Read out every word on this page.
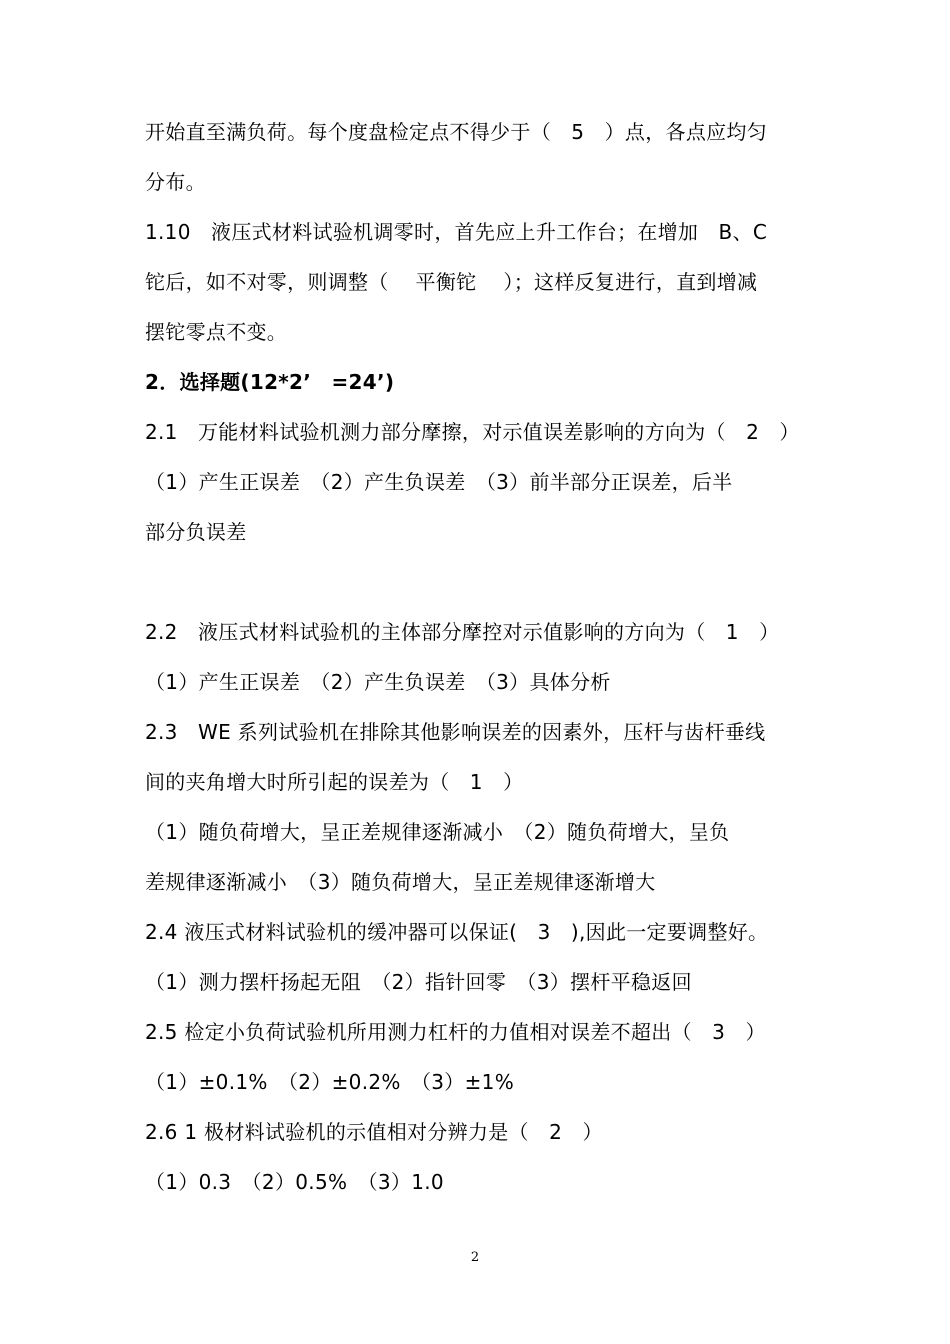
开始直至满负荷。每个度盘检定点不得少于（　5　）点，各点应均匀
分布。
1.10　液压式材料试验机调零时，首先应上升工作台；在增加　B、C
铊后，如不对零，则调整（　 平衡铊　 ）；这样反复进行，直到增减
摆铊零点不变。
2．选择题(12*2’　=24’)
2.1　万能材料试验机测力部分摩擦，对示值误差影响的方向为（　2　）
（1）产生正误差　（2）产生负误差　（3）前半部分正误差，后半
部分负误差
2.2　液压式材料试验机的主体部分摩控对示值影响的方向为（　1　）
（1）产生正误差　（2）产生负误差　（3）具体分析
2.3　WE 系列试验机在排除其他影响误差的因素外，压杆与齿杆垂线
间的夹角增大时所引起的误差为（　1　）
（1）随负荷增大，呈正差规律逐渐减小　（2）随负荷增大，呈负
差规律逐渐减小　（3）随负荷增大，呈正差规律逐渐增大
2.4 液压式材料试验机的缓冲器可以保证(　3　),因此一定要调整好。
（1）测力摆杆扬起无阻　（2）指针回零　（3）摆杆平稳返回
2.5 检定小负荷试验机所用测力杠杆的力值相对误差不超出（　3　）
（1）±0.1%　（2）±0.2%　（3）±1%
2.6 1 极材料试验机的示值相对分辨力是（　2　）
（1）0.3　（2）0.5%　（3）1.0
2
